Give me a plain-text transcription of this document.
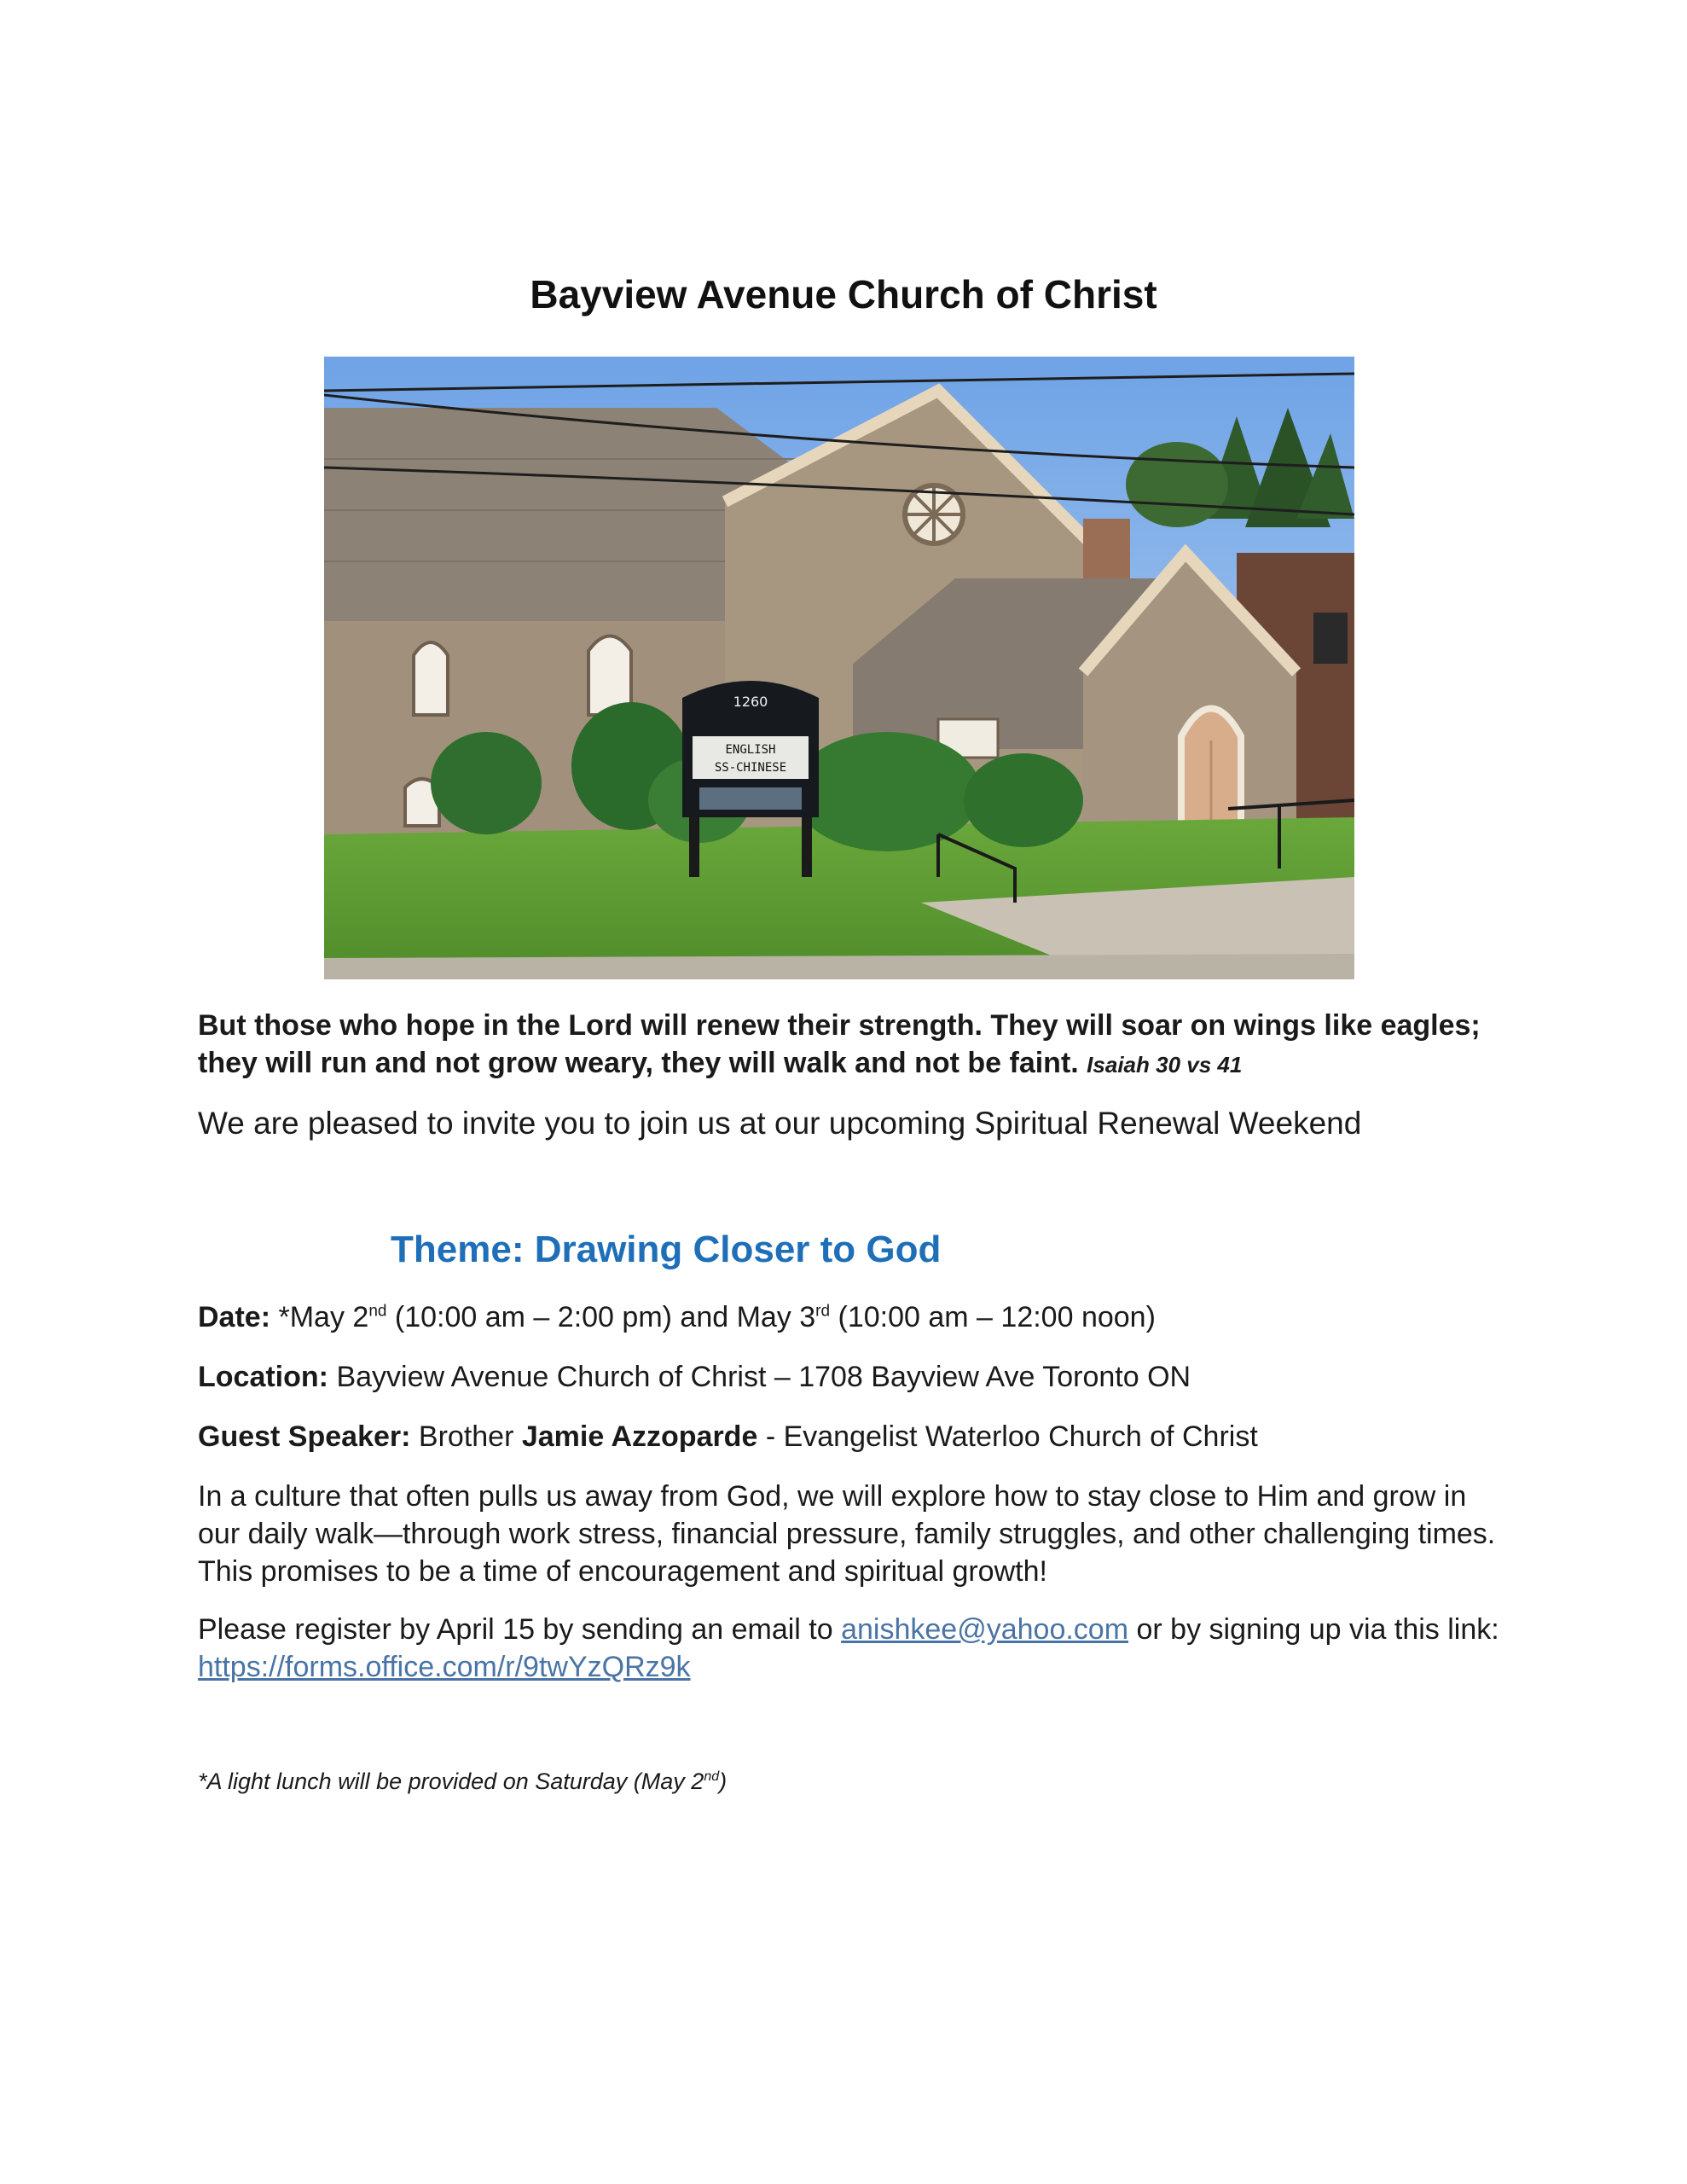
Bayview Avenue Church of Christ
1260
ENGLISH
SS-CHINESE
But those who hope in the Lord will renew their strength. They will soar on wings like eagles; they will run and not grow weary, they will walk and not be faint. Isaiah 30 vs 41
We are pleased to invite you to join us at our upcoming Spiritual Renewal Weekend
Theme: Drawing Closer to God
Date: *May 2nd (10:00 am – 2:00 pm) and May 3rd (10:00 am – 12:00 noon)
Location: Bayview Avenue Church of Christ – 1708 Bayview Ave Toronto ON
Guest Speaker: Brother Jamie Azzoparde - Evangelist Waterloo Church of Christ
In a culture that often pulls us away from God, we will explore how to stay close to Him and grow in our daily walk—through work stress, financial pressure, family struggles, and other challenging times. This promises to be a time of encouragement and spiritual growth!
Please register by April 15 by sending an email to anishkee@yahoo.com or by signing up via this link: https://forms.office.com/r/9twYzQRz9k
*A light lunch will be provided on Saturday (May 2nd)
